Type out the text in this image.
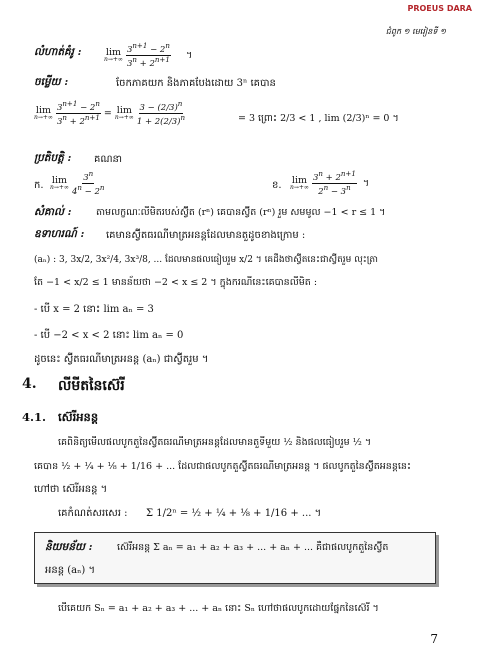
PROEUS DARA
ជំពូក ១ មេរៀនទី ១
លំហាត់គំរូ :	lim
n→+∞
$\frac{3^{n+1} - 2^n}{3^n + 2^{n+1}}$ ។
ចម្លើយ :	ចែកភាគយក និងភាគបែងដោយ 3ⁿ គេបាន
lim
n→+∞
$\frac{3^{n+1} - 2^n}{3^n + 2^{n+1}} = \lim$
n→+∞
$\frac{3 - (2/3)^n}{1 + 2(2/3)^n}$	= 3 ព្រោះ 2/3 < 1 , lim (2/3)ⁿ = 0 ។
ប្រតិបត្តិ : គណនា
ក. lim
n→+∞
$\frac{3^n}{4^n - 2^n}$	ខ. lim
n→+∞
$\frac{3^n + 2^{n+1}}{2^n - 3^n}$ ។
សំគាល់ :	តាមលក្ខណៈលីមិតរបស់ស៊្វីត (rⁿ) គេបានស៊្វីត (rⁿ) រួម សមមូល −1 < r ≤ 1 ។
ឧទាហរណ៍ : គេមានស៊្វីតធរណីមាត្រអនន្តដែលមានតួដូចខាងក្រោម :
(aₙ) : 3, 3x/2, 3x²/4, 3x³/8, ... ដែលមានផលធៀបរួម x/2 ។ គេដឹងថាស៊្វីតនេះជាស៊្វីតរួម លុះត្រា
តែ −1 < x/2 ≤ 1 មានន័យថា −2 < x ≤ 2 ។ ក្នុងករណីនេះគេបានលីមិត :
- បើ x = 2 នោះ lim aₙ = 3
- បើ −2 < x < 2 នោះ lim aₙ = 0
ដូចនេះ ស៊្វីតធរណីមាត្រអនន្ត (aₙ) ជាស៊្វីតរួម ។
4. លីមីតនៃស៊េរី
4.1. ស៊េរីអនន្ត
គេពិនិត្យមើលផលបូកតួនៃស៊្វីតធរណីមាត្រអនន្តដែលមានតួទីមួយ ½ និងផលធៀបរួម ½ ។
គេបាន ½ + ¼ + ⅛ + 1/16 + ... ដែលជាផលបូកតួស៊្វីតធរណីមាត្រអនន្ត ។ ផលបូកតួនៃស៊្វីតអនន្តនេះ
ហៅថា ស៊េរីអនន្ត ។
គេកំណត់សរសេរ : Σ 1/2ⁿ = ½ + ¼ + ⅛ + 1/16 + ... ។
និយមន័យ :	ស៊េរីអនន្ត Σ aₙ = a₁ + a₂ + a₃ + ... + aₙ + ... គឺជាផលបូកតួនៃស៊្វីត
អនន្ត (aₙ) ។
បើគេយក Sₙ = a₁ + a₂ + a₃ + ... + aₙ នោះ Sₙ ហៅថាផលបូកដោយផ្នែកនៃស៊េរី ។
7
